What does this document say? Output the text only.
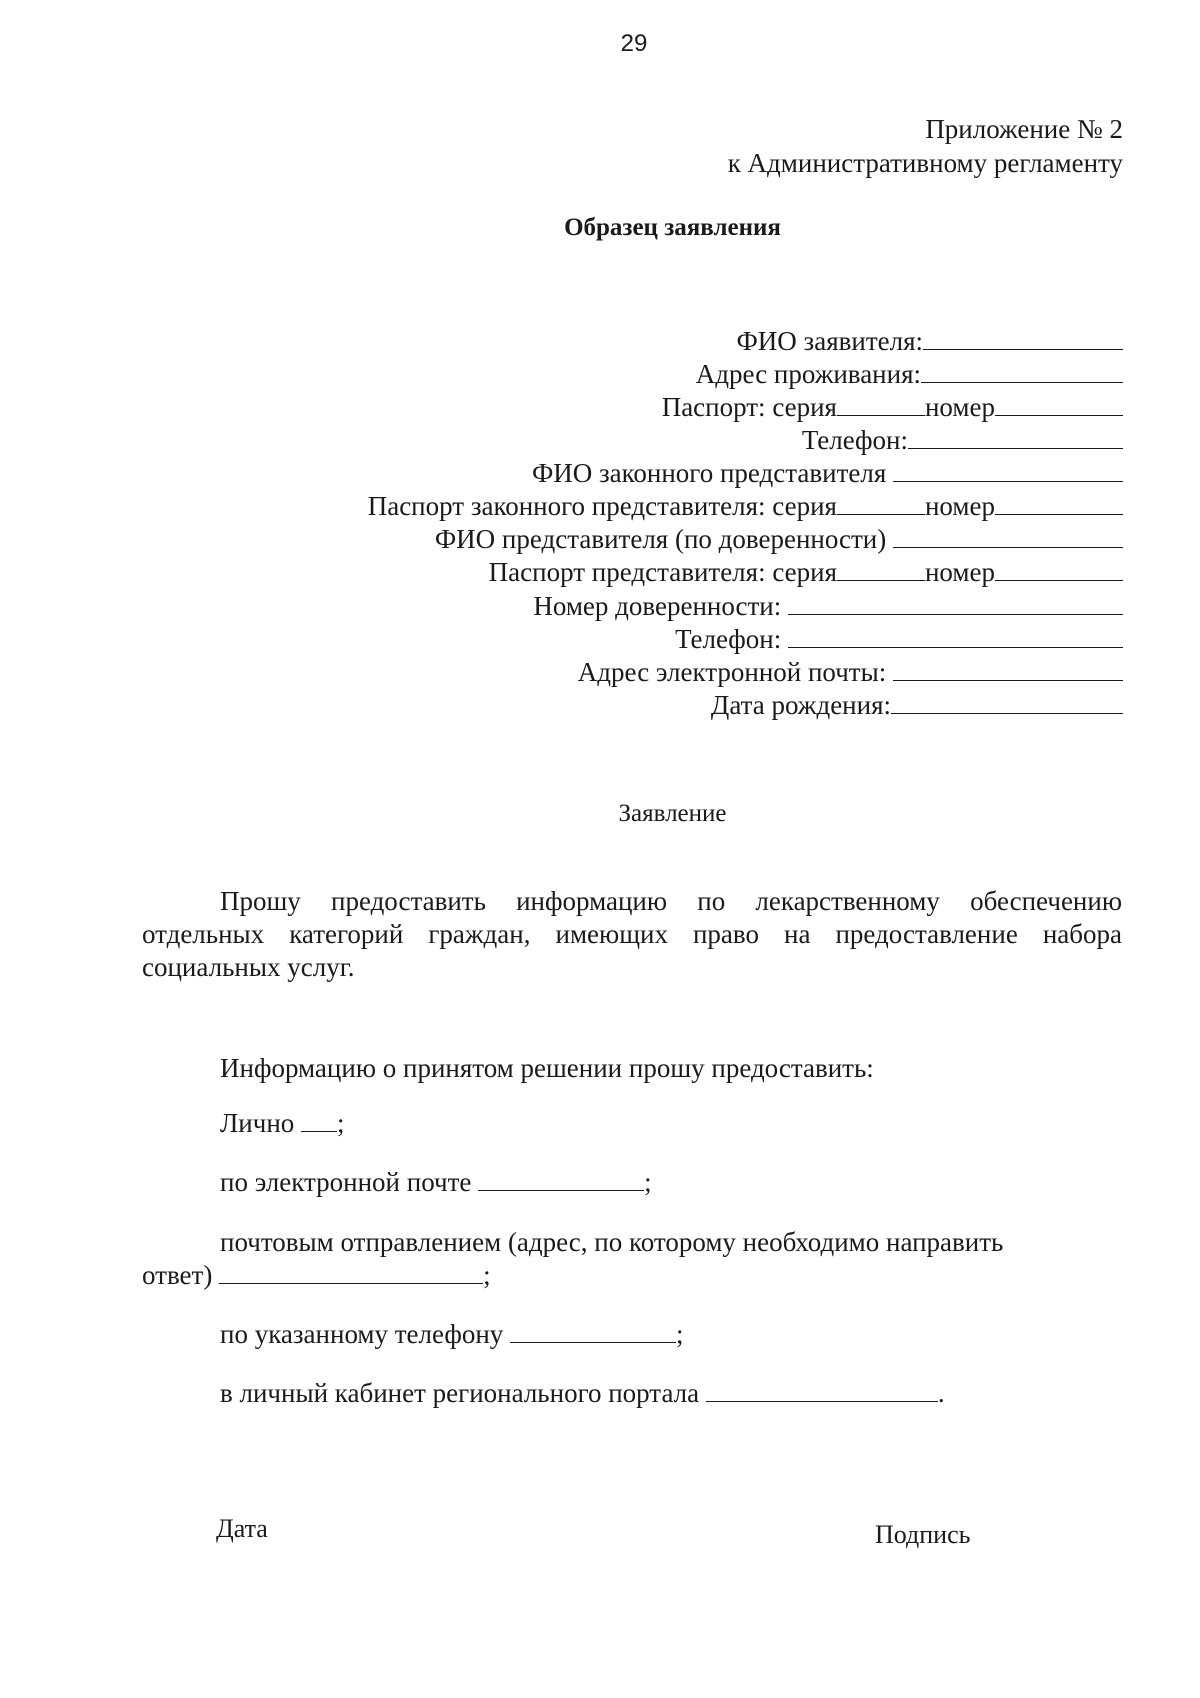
29
Приложение № 2
к Административному регламенту
Образец заявления
ФИО заявителя:
Адрес проживания:
Паспорт: серия	номер
Телефон:
ФИО законного представителя
Паспорт законного представителя: серия	номер
ФИО представителя (по доверенности)
Паспорт представителя: серия	номер
Номер доверенности:
Телефон:
Адрес электронной почты:
Дата рождения:
Заявление
Прошу предоставить информацию по лекарственному обеспечению отдельных категорий граждан, имеющих право на предоставление набора социальных услуг.
Информацию о принятом решении прошу предоставить:
Лично ;
по электронной почте	;
почтовым отправлением (адрес, по которому необходимо направить
ответ)	;
по указанному телефону	;
в личный кабинет регионального портала	.
Дата	Подпись
